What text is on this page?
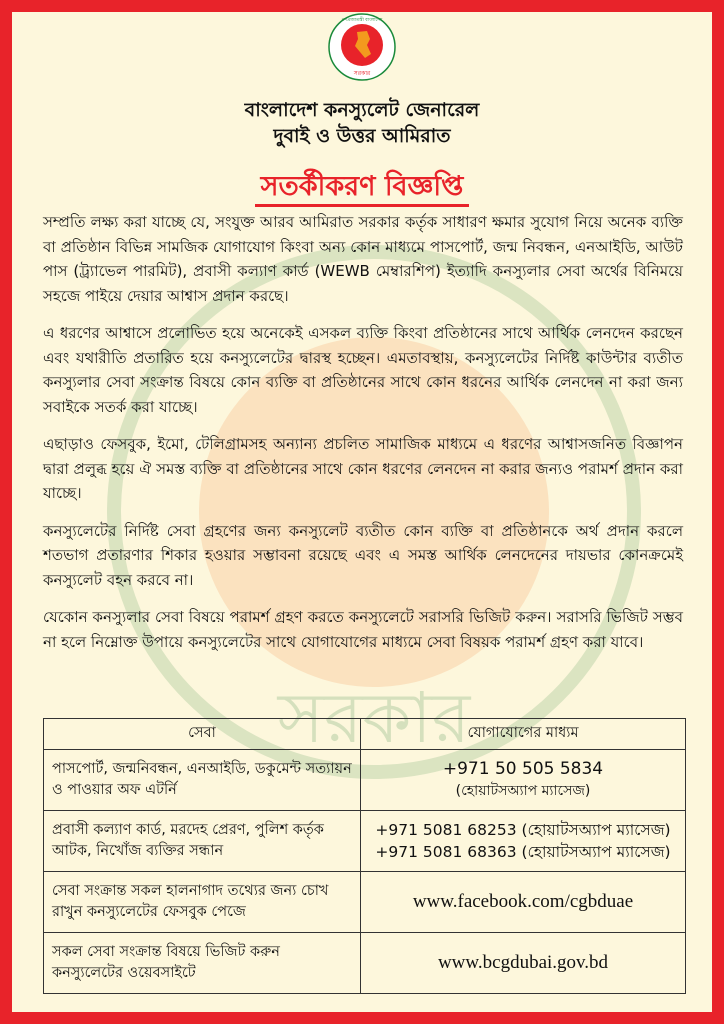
সরকার
সরকার
গণপ্রজাতন্ত্রী বাংলাদেশ
বাংলাদেশ কনস্যুলেট জেনারেল
দুবাই ও উত্তর আমিরাত
সতর্কীকরণ বিজ্ঞপ্তি

সম্প্রতি লক্ষ্য করা যাচ্ছে যে, সংযুক্ত আরব আমিরাত সরকার কর্তৃক সাধারণ ক্ষমার সুযোগ নিয়ে অনেক ব্যক্তি বা প্রতিষ্ঠান বিভিন্ন সামজিক যোগাযোগ কিংবা অন্য কোন মাধ্যমে পাসপোর্ট, জন্ম নিবন্ধন, এনআইডি, আউট পাস (ট্র্যাভেল পারমিট), প্রবাসী কল্যাণ কার্ড (WEWB মেম্বারশিপ) ইত্যাদি কনস্যুলার সেবা অর্থের বিনিময়ে সহজে পাইয়ে দেয়ার আশ্বাস প্রদান করছে।

এ ধরণের আশ্বাসে প্রলোভিত হয়ে অনেকেই এসকল ব্যক্তি কিংবা প্রতিষ্ঠানের সাথে আর্থিক লেনদেন করছেন এবং যথারীতি প্রতারিত হয়ে কনস্যুলেটের দ্বারস্থ হচ্ছেন। এমতাবস্থায়, কনস্যুলেটের নির্দিষ্ট কাউন্টার ব্যতীত কনস্যুলার সেবা সংক্রান্ত বিষয়ে কোন ব্যক্তি বা প্রতিষ্ঠানের সাথে কোন ধরনের আর্থিক লেনদেন না করা জন্য সবাইকে সতর্ক করা যাচ্ছে।

এছাড়াও ফেসবুক, ইমো, টেলিগ্রামসহ অন্যান্য প্রচলিত সামাজিক মাধ্যমে এ ধরণের আশ্বাসজনিত বিজ্ঞাপন দ্বারা প্রলুব্ধ হয়ে ঐ সমস্ত ব্যক্তি বা প্রতিষ্ঠানের সাথে কোন ধরণের লেনদেন না করার জন্যও পরামর্শ প্রদান করা যাচ্ছে।

কনস্যুলেটের নির্দিষ্ট সেবা গ্রহণের জন্য কনস্যুলেট ব্যতীত কোন ব্যক্তি বা প্রতিষ্ঠানকে অর্থ প্রদান করলে শতভাগ প্রতারণার শিকার হওয়ার সম্ভাবনা রয়েছে এবং এ সমস্ত আর্থিক লেনদেনের দায়ভার কোনক্রমেই কনস্যুলেট বহন করবে না।

যেকোন কনস্যুলার সেবা বিষয়ে পরামর্শ গ্রহণ করতে কনস্যুলেটে সরাসরি ভিজিট করুন। সরাসরি ভিজিট সম্ভব না হলে নিম্নোক্ত উপায়ে কনস্যুলেটের সাথে যোগাযোগের মাধ্যমে সেবা বিষয়ক পরামর্শ গ্রহণ করা যাবে।

সেবা	যোগাযোগের মাধ্যম
পাসপোর্ট, জন্মনিবন্ধন, এনআইডি, ডকুমেন্ট সত্যায়ন ও পাওয়ার অফ এটর্নি	+971 50 505 5834
(হোয়াটসঅ্যাপ ম্যাসেজ)

প্রবাসী কল্যাণ কার্ড, মরদেহ প্রেরণ, পুলিশ কর্তৃক আটক, নিখোঁজ ব্যক্তির সন্ধান	+971 5081 68253 (হোয়াটসঅ্যাপ ম্যাসেজ)
+971 5081 68363 (হোয়াটসঅ্যাপ ম্যাসেজ)

সেবা সংক্রান্ত সকল হালনাগাদ তথ্যের জন্য চোখ রাখুন কনস্যুলেটের ফেসবুক পেজে	www.facebook.com/cgbduae
সকল সেবা সংক্রান্ত বিষয়ে ভিজিট করুন কনস্যুলেটের ওয়েবসাইটে	www.bcgdubai.gov.bd
